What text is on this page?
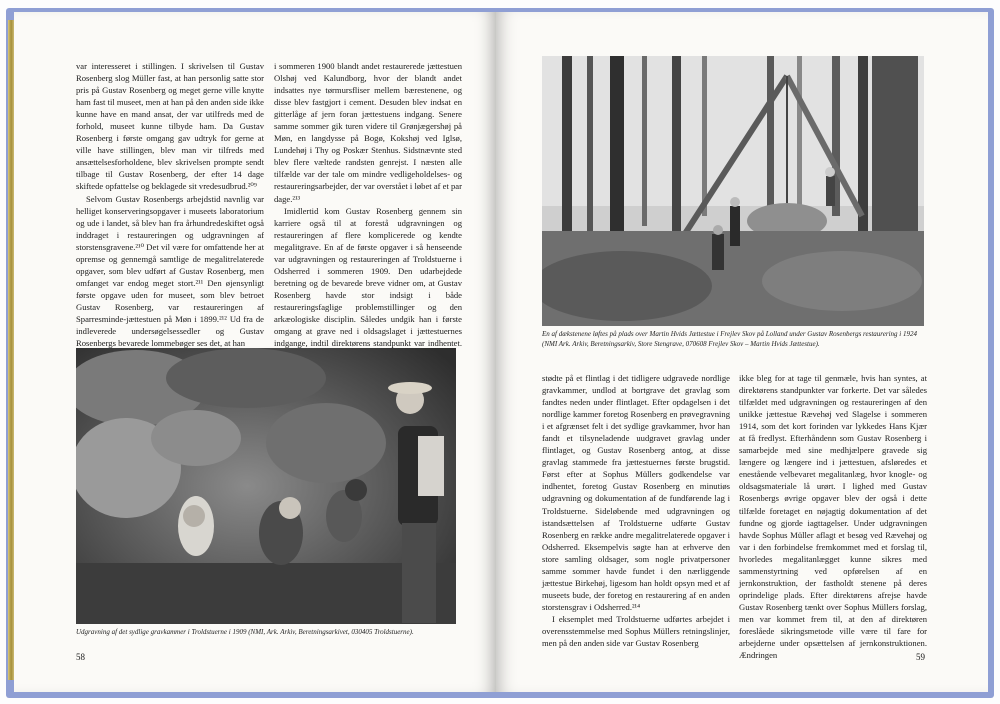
var interesseret i stillingen. I skrivelsen til Gustav Rosenberg slog Müller fast, at han personlig satte stor pris på Gustav Rosenberg og meget gerne ville knytte ham fast til museet, men at han på den anden side ikke kunne have en mand ansat, der var utilfreds med de forhold, museet kunne tilbyde ham. Da Gustav Rosenberg i første omgang gav udtryk for gerne at ville have stillingen, blev man vir tilfreds med ansættelsesforholdene, blev skrivelsen prompte sendt tilbage til Gustav Rosenberg, der efter 14 dage skiftede opfattelse og beklagede sit vredesudbrud.²⁰⁹

Selvom Gustav Rosenbergs arbejdstid navnlig var helliget konserveringsopgaver i museets laboratorium og ude i landet, så blev han fra århundredeskiftet også inddraget i restaureringen og udgravningen af storstensgravene.²¹⁰ Det vil være for omfattende her at opremse og gennemgå samtlige de megalitrelaterede opgaver, som blev udført af Gustav Rosenberg, men omfanget var endog meget stort.²¹¹ Den øjensynligt første opgave uden for museet, som blev betroet Gustav Rosenberg, var restaureringen af Sparresminde-jættestuen på Møn i 1899.²¹² Ud fra de indleverede undersøgelsessedler og Gustav Rosenbergs bevarede lommebøger ses det, at han

i sommeren 1900 blandt andet restaurerede jættestuen Olshøj ved Kalundborg, hvor der blandt andet indsattes nye tørmursfliser mellem bærestenene, og disse blev fastgjort i cement. Desuden blev indsat en gitterlåge af jern foran jættestuens indgang. Senere samme sommer gik turen videre til Grønjægershøj på Møn, en langdysse på Bogø, Kokshøj ved Iglsø, Lundehøj i Thy og Poskær Stenhus. Sidstnævnte sted blev flere væltede randsten genrejst. I næsten alle tilfælde var der tale om mindre vedligeholdelses- og restaureringsarbejder, der var overstået i løbet af et par dage.²¹³

Imidlertid kom Gustav Rosenberg gennem sin karriere også til at forestå udgravningen og restaureringen af flere komplicerede og kendte megalitgrave. En af de første opgaver i så henseende var udgravningen og restaureringen af Troldstuerne i Odsherred i sommeren 1909. Den udarbejdede beretning og de bevarede breve vidner om, at Gustav Rosenberg havde stor indsigt i både restaureringsfaglige problemstillinger og den arkæologiske disciplin. Således undgik han i første omgang at grave ned i oldsagslaget i jættestuernes indgange, indtil direktørens standpunkt var indhentet.

Udgravning af det sydlige gravkammer i Troldstuerne i 1909 (NMI, Ark. Arkiv, Beretningsarkivet, 030405 Troldstuerne).
58
En af dækstenene løftes på plads over Martin Hvids Jættestue i Frejlev Skov på Lolland under Gustav Rosenbergs restaurering i 1924 (NMI Ark. Arkiv, Beretningsarkiv, Store Stengrave, 070608 Frejlev Skov – Martin Hvids Jættestue).

stødte på et flintlag i det tidligere udgravede nordlige gravkammer, undlod at bortgrave det gravlag som fandtes neden under flintlaget. Efter opdagelsen i det nordlige kammer foretog Rosenberg en prøvegravning i et afgrænset felt i det sydlige gravkammer, hvor han fandt et tilsyneladende uudgravet gravlag under flintlaget, og Gustav Rosenberg antog, at disse gravlag stammede fra jættestuernes første brugstid. Først efter at Sophus Müllers godkendelse var indhentet, foretog Gustav Rosenberg en minutiøs udgravning og dokumentation af de fundførende lag i Troldstuerne. Sideløbende med udgravningen og istandsættelsen af Troldstuerne udførte Gustav Rosenberg en række andre megalitrelaterede opgaver i Odsherred. Eksempelvis søgte han at erhverve den store samling oldsager, som nogle privatpersoner samme sommer havde fundet i den nærliggende jættestue Birkehøj, ligesom han holdt opsyn med et af museets bude, der foretog en restaurering af en anden storstensgrav i Odsherred.²¹⁴

I eksemplet med Troldstuerne udførtes arbejdet i overensstemmelse med Sophus Müllers retningslinjer, men på den anden side var Gustav Rosenberg

ikke bleg for at tage til genmæle, hvis han syntes, at direktørens standpunkter var forkerte. Det var således tilfældet med udgravningen og restaureringen af den unikke jættestue Rævehøj ved Slagelse i sommeren 1914, som det kort forinden var lykkedes Hans Kjær at få fredlyst. Efterhåndenn som Gustav Rosenberg i samarbejde med sine medhjælpere gravede sig længere og længere ind i jættestuen, afsløredes et enestående velbevaret megalitanlæg, hvor knogle- og oldsagsmateriale lå urørt. I lighed med Gustav Rosenbergs øvrige opgaver blev der også i dette tilfælde foretaget en nøjagtig dokumentation af det fundne og gjorde iagttagelser. Under udgravningen havde Sophus Müller aflagt et besøg ved Rævehøj og var i den forbindelse fremkommet med et forslag til, hvorledes megalitanlægget kunne sikres med sammenstyrtning ved opførelsen af en jernkonstruktion, der fastholdt stenene på deres oprindelige plads. Efter direktørens afrejse havde Gustav Rosenberg tænkt over Sophus Müllers forslag, men var kommet frem til, at den af direktøren foreslåede sikringsmetode ville være til fare for arbejderne under opsættelsen af jernkonstruktionen. Ændringen	59
